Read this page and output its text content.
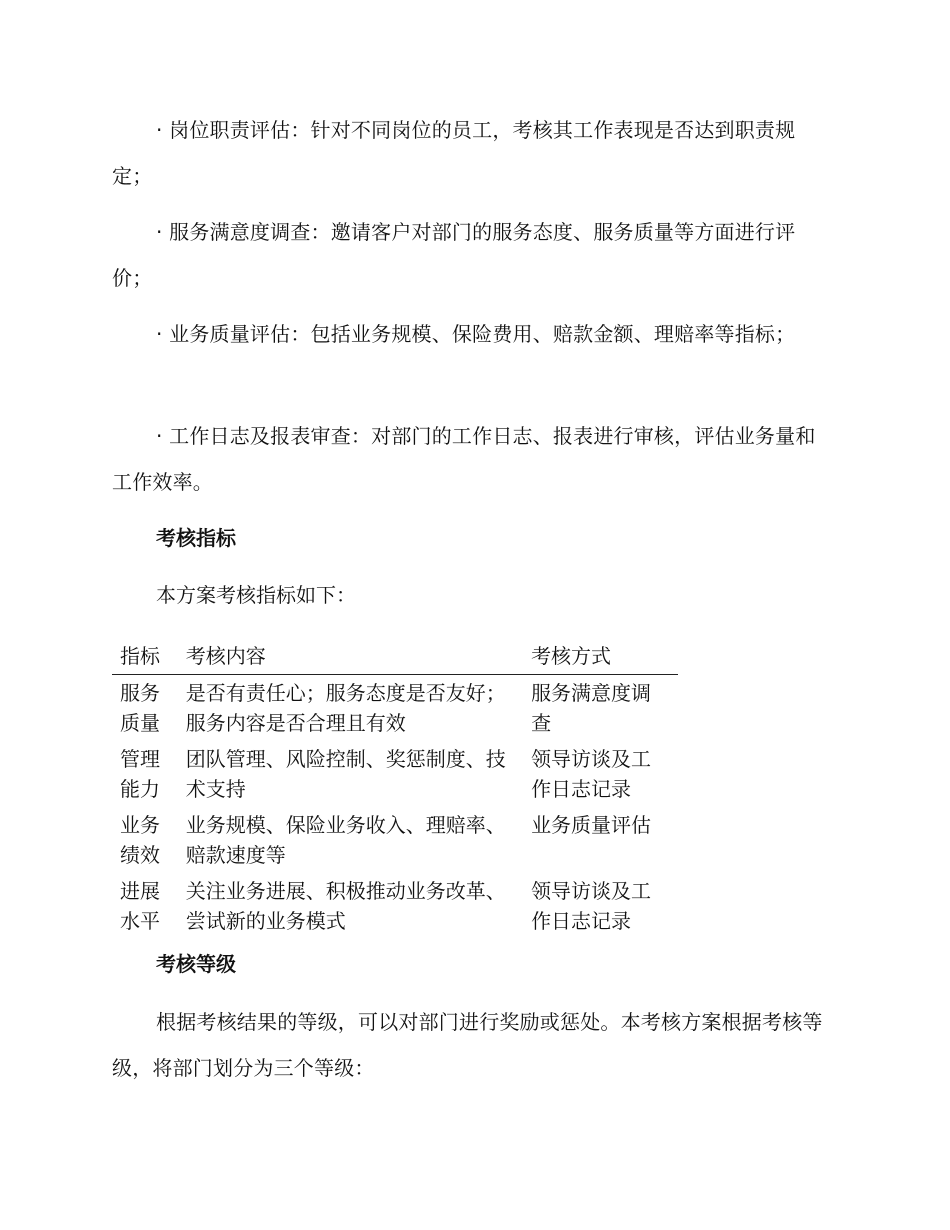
· 岗位职责评估：针对不同岗位的员工，考核其工作表现是否达到职责规定；

· 服务满意度调查：邀请客户对部门的服务态度、服务质量等方面进行评价；

· 业务质量评估：包括业务规模、保险费用、赔款金额、理赔率等指标；

· 工作日志及报表审查：对部门的工作日志、报表进行审核，评估业务量和工作效率。

考核指标

本方案考核指标如下：

指标	考核内容	考核方式
服务质量	是否有责任心；服务态度是否友好；服务内容是否合理且有效	服务满意度调查
管理能力	团队管理、风险控制、奖惩制度、技术支持	领导访谈及工作日志记录
业务绩效	业务规模、保险业务收入、理赔率、赔款速度等	业务质量评估
进展水平	关注业务进展、积极推动业务改革、尝试新的业务模式	领导访谈及工作日志记录

考核等级

根据考核结果的等级，可以对部门进行奖励或惩处。本考核方案根据考核等级，将部门划分为三个等级：
